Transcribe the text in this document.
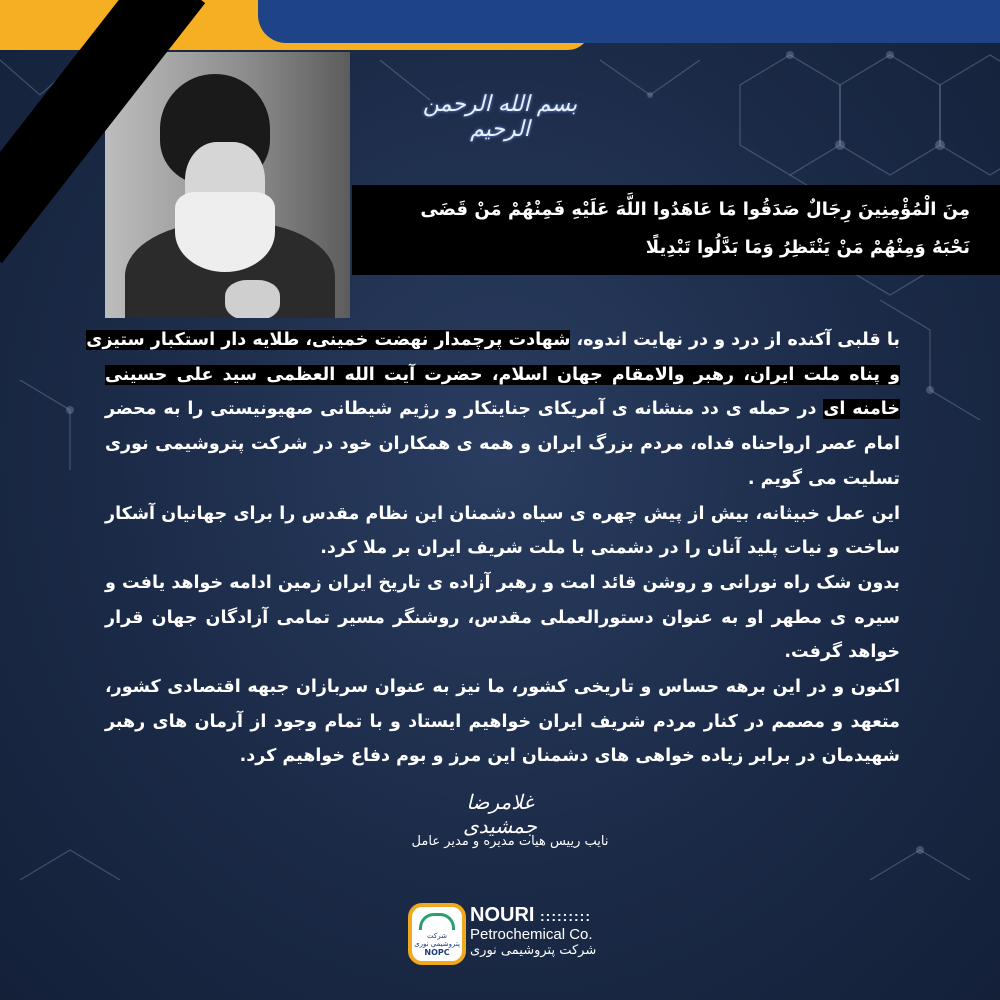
بسم الله الرحمن الرحیم
مِنَ الْمُؤْمِنِينَ رِجَالٌ صَدَقُوا مَا عَاهَدُوا اللَّهَ عَلَيْهِ فَمِنْهُمْ مَنْ قَضَى
نَحْبَهُ وَمِنْهُمْ مَنْ يَنْتَظِرُ وَمَا بَدَّلُوا تَبْدِيلًا
با قلبی آکنده از درد و در نهایت اندوه، شهادت پرچمدار نهضت خمینی، طلایه دار استکبار ستیزی
و پناه ملت ایران، رهبر والامقام جهان اسلام، حضرت آیت الله العظمی سید علی حسینی
خامنه ای در حمله ی دد منشانه ی آمریکای جنایتکار و رژیم شیطانی صهیونیستی را به محضر
امام عصر ارواحناه فداه، مردم بزرگ ایران و همه ی همکاران خود در شرکت پتروشیمی نوری
تسلیت می گویم .
این عمل خبیثانه، بیش از پیش چهره ی سیاه دشمنان این نظام مقدس را برای جهانیان آشکار
ساخت و نیات پلید آنان را در دشمنی با ملت شریف ایران بر ملا کرد.
بدون شک راه نورانی و روشن قائد امت و رهبر آزاده ی تاریخ ایران زمین ادامه خواهد یافت و
سیره ی مطهر او به عنوان دستورالعملی مقدس، روشنگر مسیر تمامی آزادگان جهان قرار
خواهد گرفت.
اکنون و در این برهه حساس و تاریخی کشور، ما نیز به عنوان سربازان جبهه اقتصادی کشور،
متعهد و مصمم در کنار مردم شریف ایران خواهیم ایستاد و با تمام وجود از آرمان های رهبر
شهیدمان در برابر زیاده خواهی های دشمنان این مرز و بوم دفاع خواهیم کرد.
غلامرضا جمشیدی
نایب رییس هیات مدیره و مدیر عامل
شرکت پتروشیمی نوری
NOPC
NOURI :::::::::
Petrochemical Co.
شرکت پتروشیمی نوری
